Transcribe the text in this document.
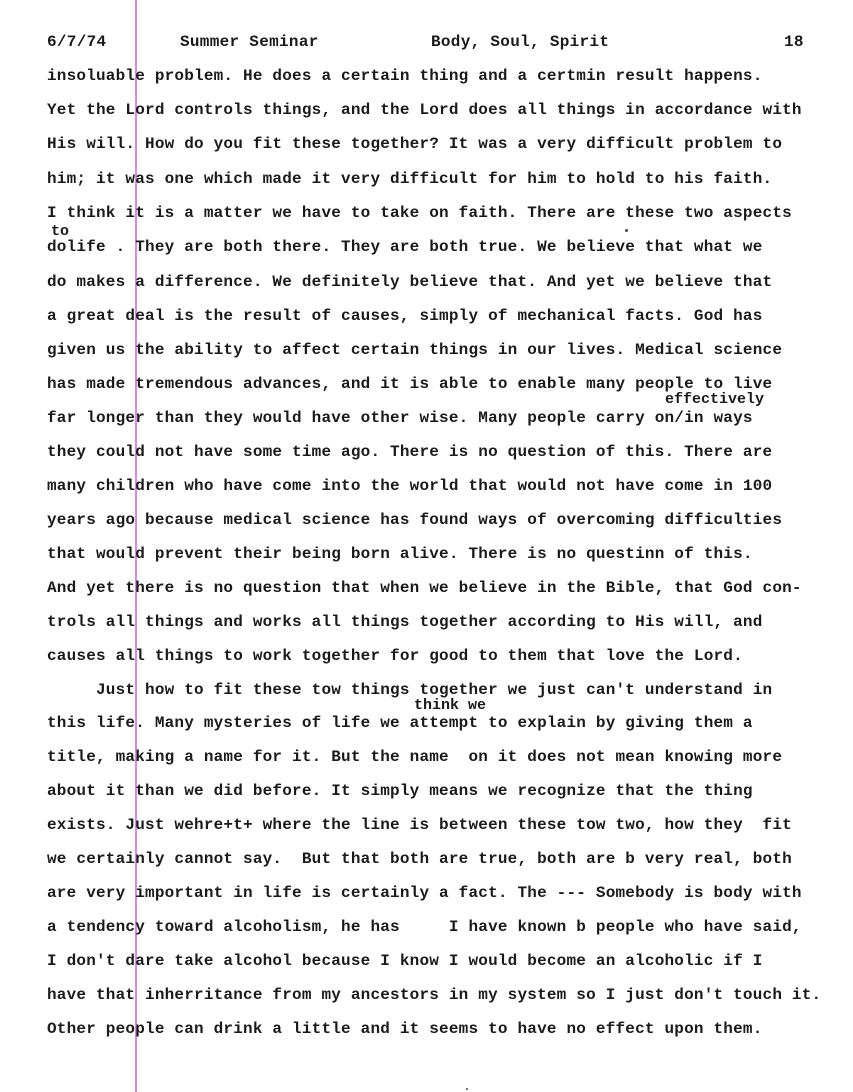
6/7/74	Summer Seminar	Body, Soul, Spirit	18
insoluable problem. He does a certain thing and a certmin result happens.
Yet the Lord controls things, and the Lord does all things in accordance with
His will. How do you fit these together? It was a very difficult problem to
him; it was one which made it very difficult for him to hold to his faith.
I think it is a matter we have to take on faith. There are these two aspects
to
dolife . They are both there. They are both true. We believe that what we
do makes a difference. We definitely believe that. And yet we believe that
a great deal is the result of causes, simply of mechanical facts. God has
given us the ability to affect certain things in our lives. Medical science
has made tremendous advances, and it is able to enable many people to live
effectively
far longer than they would have other wise. Many people carry on/in ways
they could not have some time ago. There is no question of this. There are
many children who have come into the world that would not have come in 100
years ago because medical science has found ways of overcoming difficulties
that would prevent their being born alive. There is no questinn of this.
And yet there is no question that when we believe in the Bible, that God con-
trols all things and works all things together according to His will, and
causes all things to work together for good to them that love the Lord.
Just how to fit these tow things together we just can't understand in
think we
this life. Many mysteries of life we attempt to explain by giving them a
title, making a name for it. But the name  on it does not mean knowing more
about it than we did before. It simply means we recognize that the thing
exists. Just wehre+t+ where the line is between these tow two, how they  fit
we certainly cannot say.  But that both are true, both are b very real, both
are very important in life is certainly a fact. The --- Somebody is body with
a tendency toward alcoholism, he has     I have known b people who have said,
I don't dare take alcohol because I know I would become an alcoholic if I
have that inherritance from my ancestors in my system so I just don't touch it.
Other people can drink a little and it seems to have no effect upon them.
